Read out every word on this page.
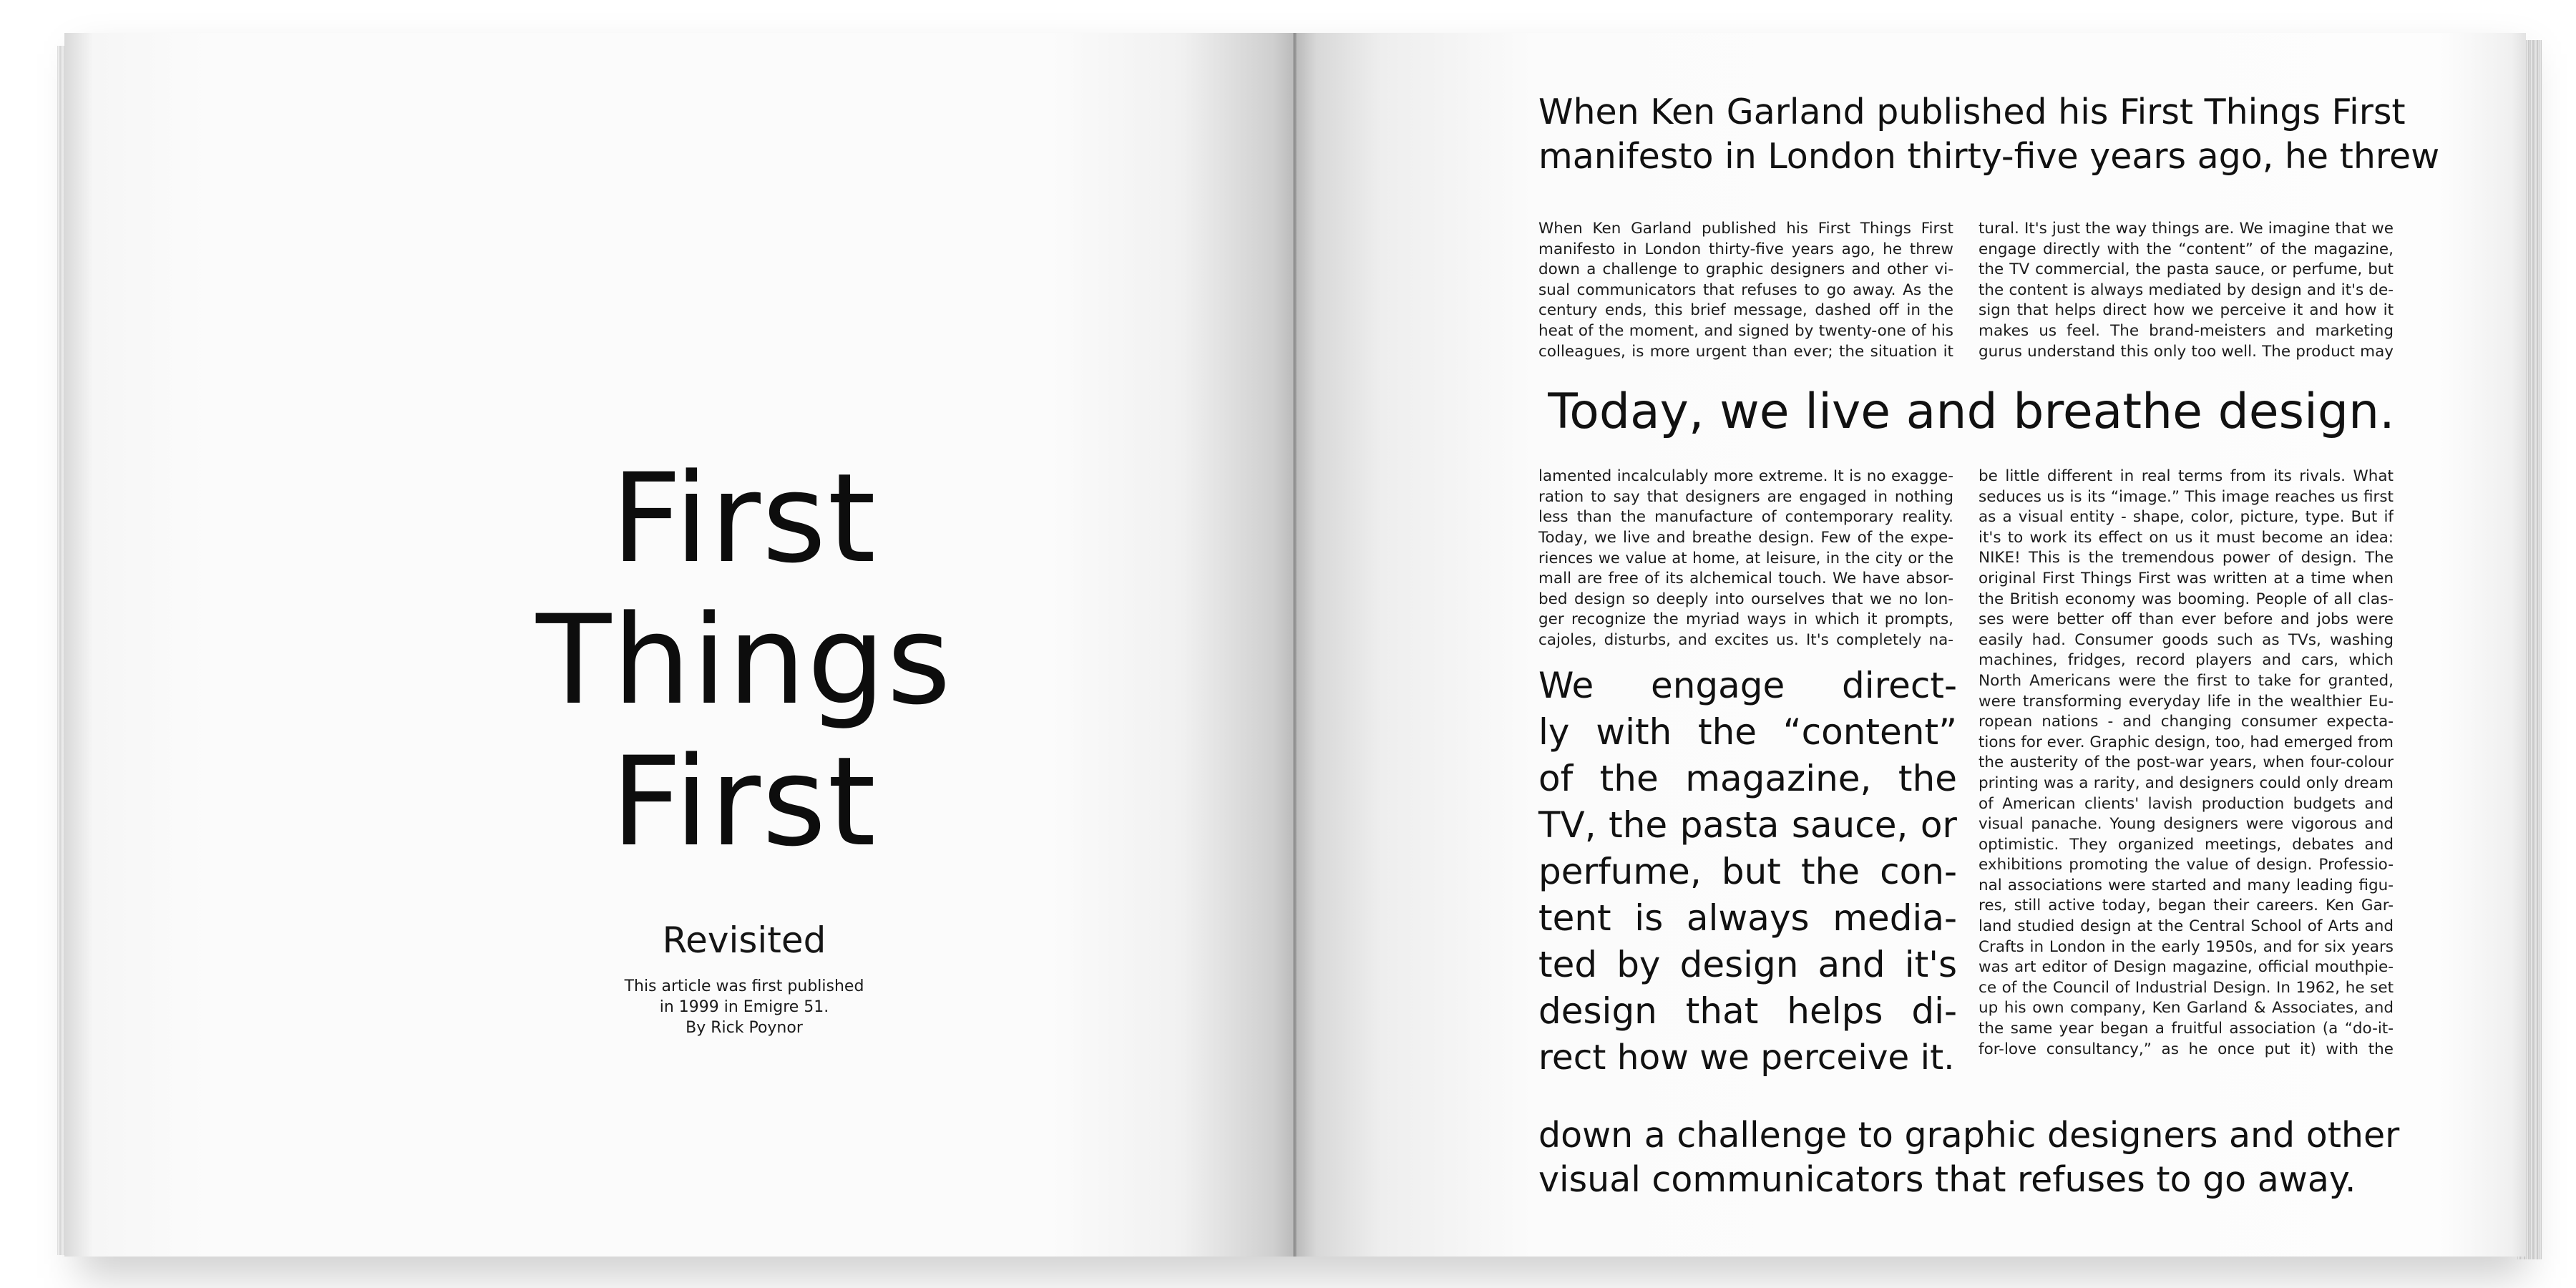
First
Things
First
Revisited
This article was first published
in 1999 in Emigre 51.
By Rick Poynor
When Ken Garland published his First Things First
manifesto in London thirty-five years ago, he threw
When Ken Garland published his First Things First
manifesto in London thirty-five years ago, he threw
down a challenge to graphic designers and other vi-
sual communicators that refuses to go away. As the
century ends, this brief message, dashed off in the
heat of the moment, and signed by twenty-one of his
colleagues, is more urgent than ever; the situation it
tural. It's just the way things are. We imagine that we
engage directly with the “content” of the magazine,
the TV commercial, the pasta sauce, or perfume, but
the content is always mediated by design and it's de-
sign that helps direct how we perceive it and how it
makes us feel. The brand-meisters and marketing
gurus understand this only too well. The product may
Today, we live and breathe design.
lamented incalculably more extreme. It is no exagge-
ration to say that designers are engaged in nothing
less than the manufacture of contemporary reality.
Today, we live and breathe design. Few of the expe-
riences we value at home, at leisure, in the city or the
mall are free of its alchemical touch. We have absor-
bed design so deeply into ourselves that we no lon-
ger recognize the myriad ways in which it prompts,
cajoles, disturbs, and excites us. It's completely na-
be little different in real terms from its rivals. What
seduces us is its “image.” This image reaches us first
as a visual entity - shape, color, picture, type. But if
it's to work its effect on us it must become an idea:
NIKE! This is the tremendous power of design. The
original First Things First was written at a time when
the British economy was booming. People of all clas-
ses were better off than ever before and jobs were
easily had. Consumer goods such as TVs, washing
machines, fridges, record players and cars, which
North Americans were the first to take for granted,
were transforming everyday life in the wealthier Eu-
ropean nations - and changing consumer expecta-
tions for ever. Graphic design, too, had emerged from
the austerity of the post-war years, when four-colour
printing was a rarity, and designers could only dream
of American clients' lavish production budgets and
visual panache. Young designers were vigorous and
optimistic. They organized meetings, debates and
exhibitions promoting the value of design. Professio-
nal associations were started and many leading figu-
res, still active today, began their careers. Ken Gar-
land studied design at the Central School of Arts and
Crafts in London in the early 1950s, and for six years
was art editor of Design magazine, official mouthpie-
ce of the Council of Industrial Design. In 1962, he set
up his own company, Ken Garland & Associates, and
the same year began a fruitful association (a “do-it-
for-love consultancy,” as he once put it) with the
We engage direct-
ly with the “content”
of the magazine, the
TV, the pasta sauce, or
perfume, but the con-
tent is always media-
ted by design and it's
design that helps di-
rect how we perceive it.
down a challenge to graphic designers and other
visual communicators that refuses to go away.
